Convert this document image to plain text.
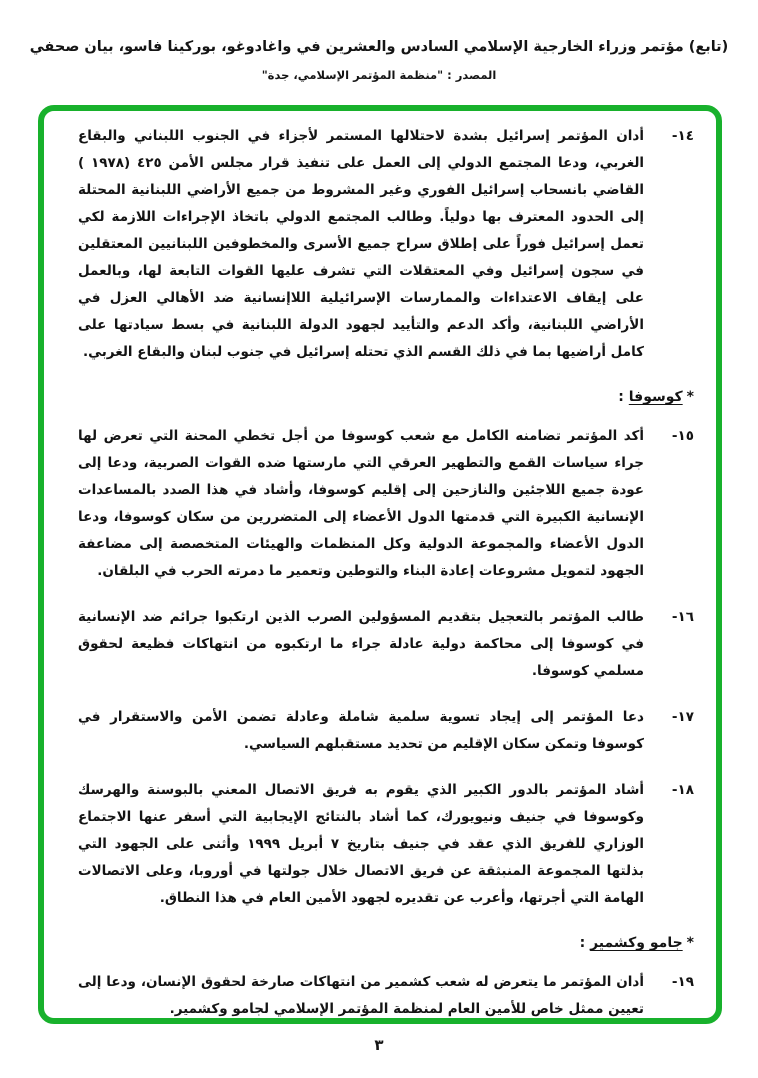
(تابع) مؤتمر وزراء الخارجية الإسلامي السادس والعشرين في واغادوغو، بوركينا فاسو، بيان صحفي
المصدر : "منظمة المؤتمر الإسلامي، جدة"
١٤-
أدان المؤتمر إسرائيل بشدة لاحتلالها المستمر لأجزاء في الجنوب اللبناني والبقاع الغربي، ودعا المجتمع الدولي إلى العمل على تنفيذ قرار مجلس الأمن ٤٢٥ (١٩٧٨ ) القاضي بانسحاب إسرائيل الفوري وغير المشروط من جميع الأراضي اللبنانية المحتلة إلى الحدود المعترف بها دولياً. وطالب المجتمع الدولي باتخاذ الإجراءات اللازمة لكي تعمل إسرائيل فوراً على إطلاق سراح جميع الأسرى والمخطوفين اللبنانيين المعتقلين في سجون إسرائيل وفي المعتقلات التي تشرف عليها القوات التابعة لها، وبالعمل على إيقاف الاعتداءات والممارسات الإسرائيلية اللاإنسانية ضد الأهالي العزل في الأراضي اللبنانية، وأكد الدعم والتأييد لجهود الدولة اللبنانية في بسط سيادتها على كامل أراضيها بما في ذلك القسم الذي تحتله إسرائيل في جنوب لبنان والبقاع الغربي.
*كوسوفا :
١٥-
أكد المؤتمر تضامنه الكامل مع شعب كوسوفا من أجل تخطي المحنة التي تعرض لها جراء سياسات القمع والتطهير العرقي التي مارستها ضده القوات الصربية، ودعا إلى عودة جميع اللاجئين والنازحين إلى إقليم كوسوفا، وأشاد في هذا الصدد بالمساعدات الإنسانية الكبيرة التي قدمتها الدول الأعضاء إلى المتضررين من سكان كوسوفا، ودعا الدول الأعضاء والمجموعة الدولية وكل المنظمات والهيئات المتخصصة إلى مضاعفة الجهود لتمويل مشروعات إعادة البناء والتوطين وتعمير ما دمرته الحرب في البلقان.
١٦-
طالب المؤتمر بالتعجيل بتقديم المسؤولين الصرب الذين ارتكبوا جرائم ضد الإنسانية في كوسوفا إلى محاكمة دولية عادلة جراء ما ارتكبوه من انتهاكات فظيعة لحقوق مسلمي كوسوفا.
١٧-
دعا المؤتمر إلى إيجاد تسوية سلمية شاملة وعادلة تضمن الأمن والاستقرار في كوسوفا وتمكن سكان الإقليم من تحديد مستقبلهم السياسي.
١٨-
أشاد المؤتمر بالدور الكبير الذي يقوم به فريق الاتصال المعني بالبوسنة والهرسك وكوسوفا في جنيف ونيويورك، كما أشاد بالنتائج الإيجابية التي أسفر عنها الاجتماع الوزاري للفريق الذي عقد في جنيف بتاريخ ٧ أبريل ١٩٩٩ وأثنى على الجهود التي بذلتها المجموعة المنبثقة عن فريق الاتصال خلال جولتها في أوروبا، وعلى الاتصالات الهامة التي أجرتها، وأعرب عن تقديره لجهود الأمين العام في هذا النطاق.
*جامو وكشمير :
١٩-
أدان المؤتمر ما يتعرض له شعب كشمير من انتهاكات صارخة لحقوق الإنسان، ودعا إلى تعيين ممثل خاص للأمين العام لمنظمة المؤتمر الإسلامي لجامو وكشمير.
٣
